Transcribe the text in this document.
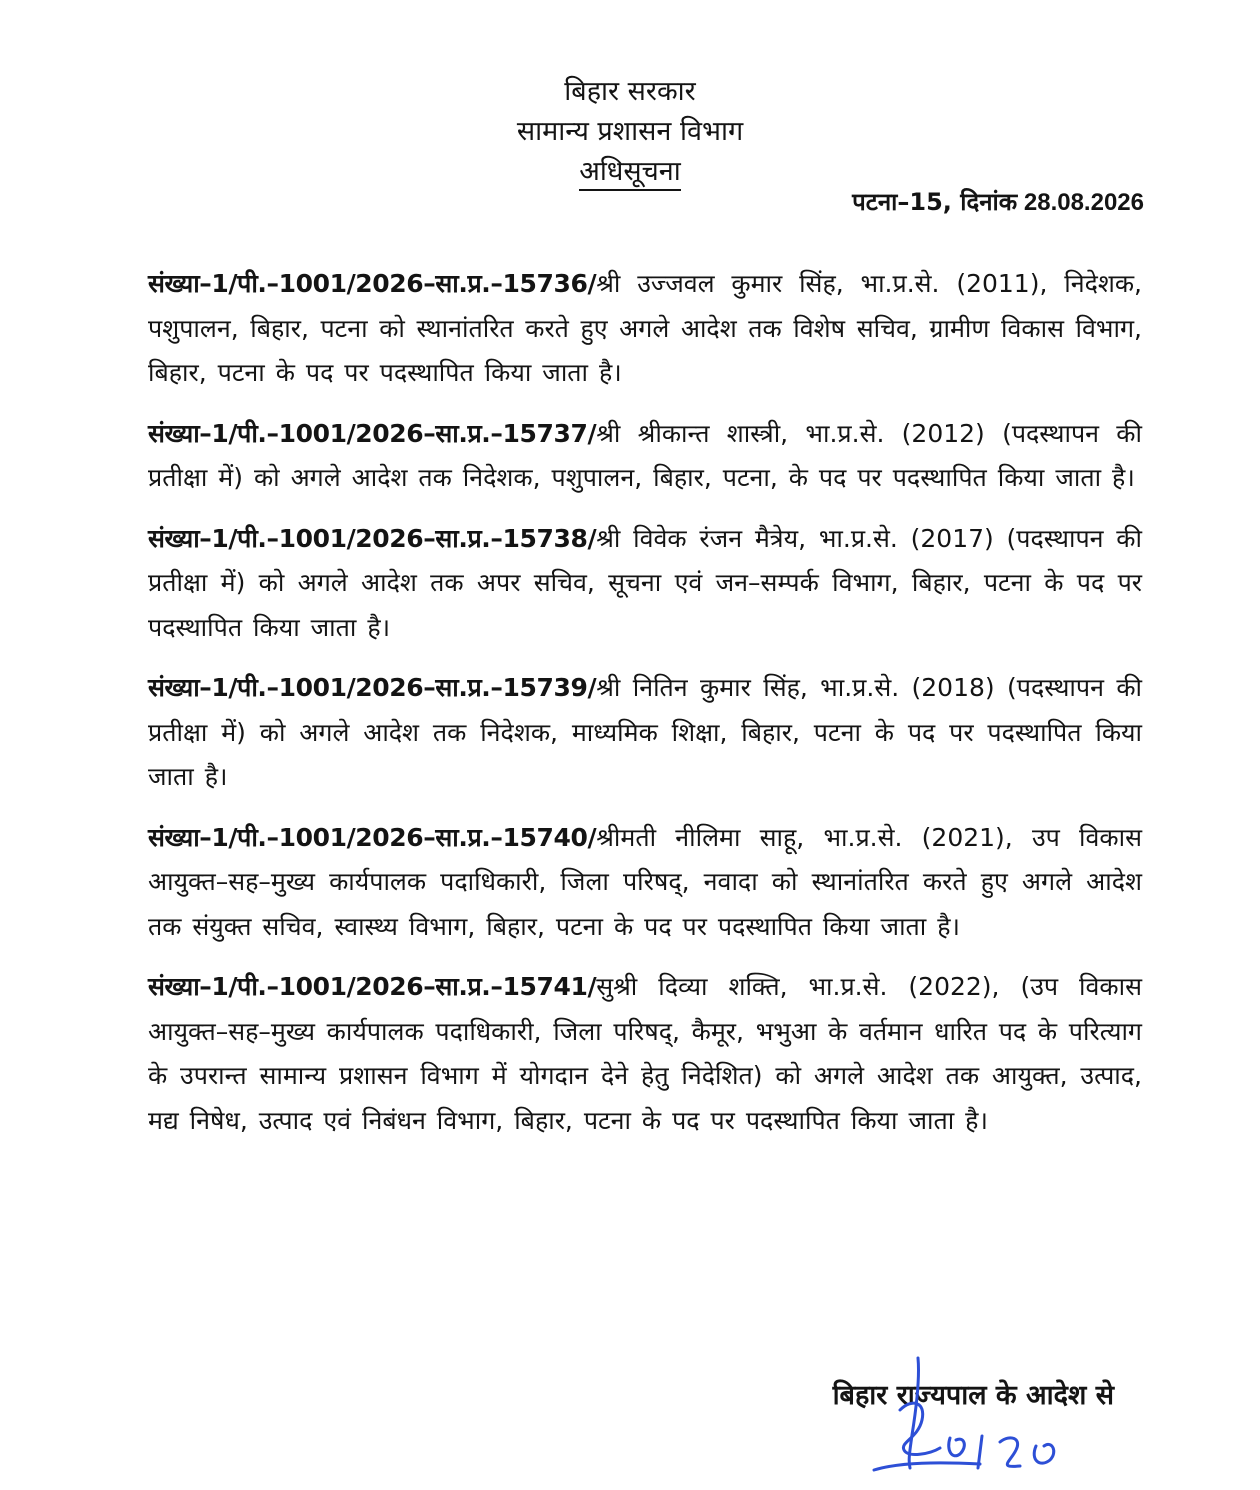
बिहार सरकार
सामान्य प्रशासन विभाग
अधिसूचना
पटना–15, दिनांक 28.08.2026

संख्या–1/पी.–1001/2026–सा.प्र.–15736/श्री उज्जवल कुमार सिंह, भा.प्र.से. (2011), निदेशक, पशुपालन, बिहार, पटना को स्थानांतरित करते हुए अगले आदेश तक विशेष सचिव, ग्रामीण विकास विभाग, बिहार, पटना के पद पर पदस्थापित किया जाता है।

संख्या–1/पी.–1001/2026–सा.प्र.–15737/श्री श्रीकान्त शास्त्री, भा.प्र.से. (2012) (पदस्थापन की प्रतीक्षा में) को अगले आदेश तक निदेशक, पशुपालन, बिहार, पटना, के पद पर पदस्थापित किया जाता है।

संख्या–1/पी.–1001/2026–सा.प्र.–15738/श्री विवेक रंजन मैत्रेय, भा.प्र.से. (2017) (पदस्थापन की प्रतीक्षा में) को अगले आदेश तक अपर सचिव, सूचना एवं जन–सम्पर्क विभाग, बिहार, पटना के पद पर पदस्थापित किया जाता है।

संख्या–1/पी.–1001/2026–सा.प्र.–15739/श्री नितिन कुमार सिंह, भा.प्र.से. (2018) (पदस्थापन की प्रतीक्षा में) को अगले आदेश तक निदेशक, माध्यमिक शिक्षा, बिहार, पटना के पद पर पदस्थापित किया जाता है।

संख्या–1/पी.–1001/2026–सा.प्र.–15740/श्रीमती नीलिमा साहू, भा.प्र.से. (2021), उप विकास आयुक्त–सह–मुख्य कार्यपालक पदाधिकारी, जिला परिषद्, नवादा को स्थानांतरित करते हुए अगले आदेश तक संयुक्त सचिव, स्वास्थ्य विभाग, बिहार, पटना के पद पर पदस्थापित किया जाता है।

संख्या–1/पी.–1001/2026–सा.प्र.–15741/सुश्री दिव्या शक्ति, भा.प्र.से. (2022), (उप विकास आयुक्त–सह–मुख्य कार्यपालक पदाधिकारी, जिला परिषद्, कैमूर, भभुआ के वर्तमान धारित पद के परित्याग के उपरान्त सामान्य प्रशासन विभाग में योगदान देने हेतु निदेशित) को अगले आदेश तक आयुक्त, उत्पाद, मद्य निषेध, उत्पाद एवं निबंधन विभाग, बिहार, पटना के पद पर पदस्थापित किया जाता है।

बिहार राज्यपाल के आदेश से
